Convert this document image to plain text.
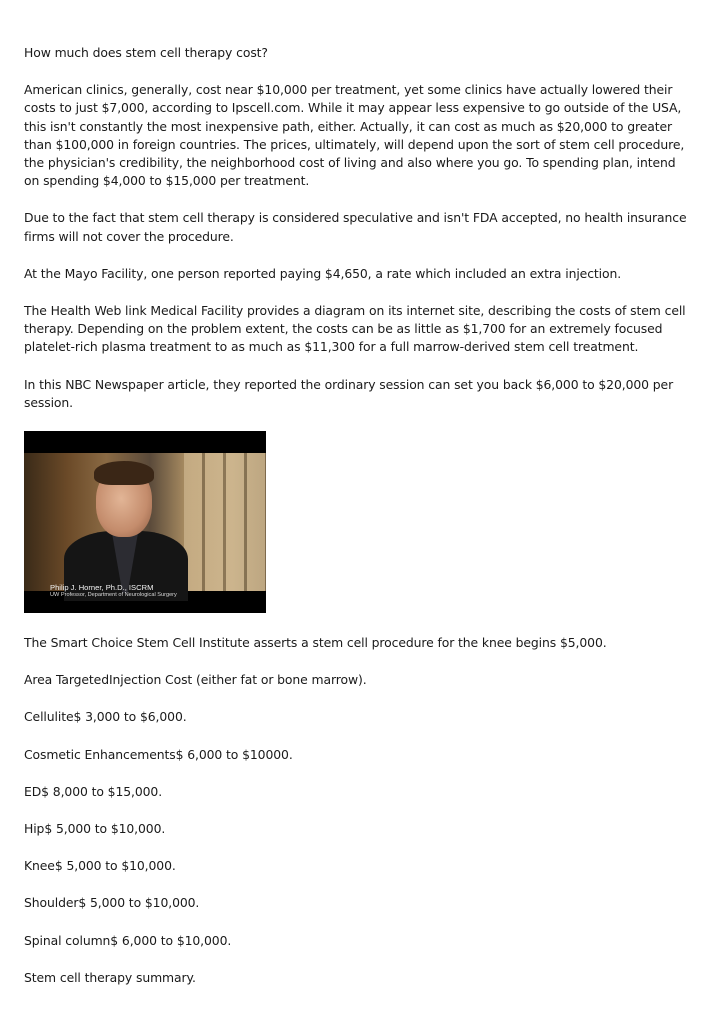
How much does stem cell therapy cost?

American clinics, generally, cost near $10,000 per treatment, yet some clinics have actually lowered their costs to just $7,000, according to Ipscell.com. While it may appear less expensive to go outside of the USA, this isn't constantly the most inexpensive path, either. Actually, it can cost as much as $20,000 to greater than $100,000 in foreign countries. The prices, ultimately, will depend upon the sort of stem cell procedure, the physician's credibility, the neighborhood cost of living and also where you go. To spending plan, intend on spending $4,000 to $15,000 per treatment.

Due to the fact that stem cell therapy is considered speculative and isn't FDA accepted, no health insurance firms will not cover the procedure.

At the Mayo Facility, one person reported paying $4,650, a rate which included an extra injection.

The Health Web link Medical Facility provides a diagram on its internet site, describing the costs of stem cell therapy. Depending on the problem extent, the costs can be as little as $1,700 for an extremely focused platelet-rich plasma treatment to as much as $11,300 for a full marrow-derived stem cell treatment.

In this NBC Newspaper article, they reported the ordinary session can set you back $6,000 to $20,000 per session.

Philip J. Horner, Ph.D., ISCRM
UW Professor, Department of Neurological Surgery

The Smart Choice Stem Cell Institute asserts a stem cell procedure for the knee begins $5,000.

Area TargetedInjection Cost (either fat or bone marrow).

Cellulite$ 3,000 to $6,000.

Cosmetic Enhancements$ 6,000 to $10000.

ED$ 8,000 to $15,000.

Hip$ 5,000 to $10,000.

Knee$ 5,000 to $10,000.

Shoulder$ 5,000 to $10,000.

Spinal column$ 6,000 to $10,000.

Stem cell therapy summary.
